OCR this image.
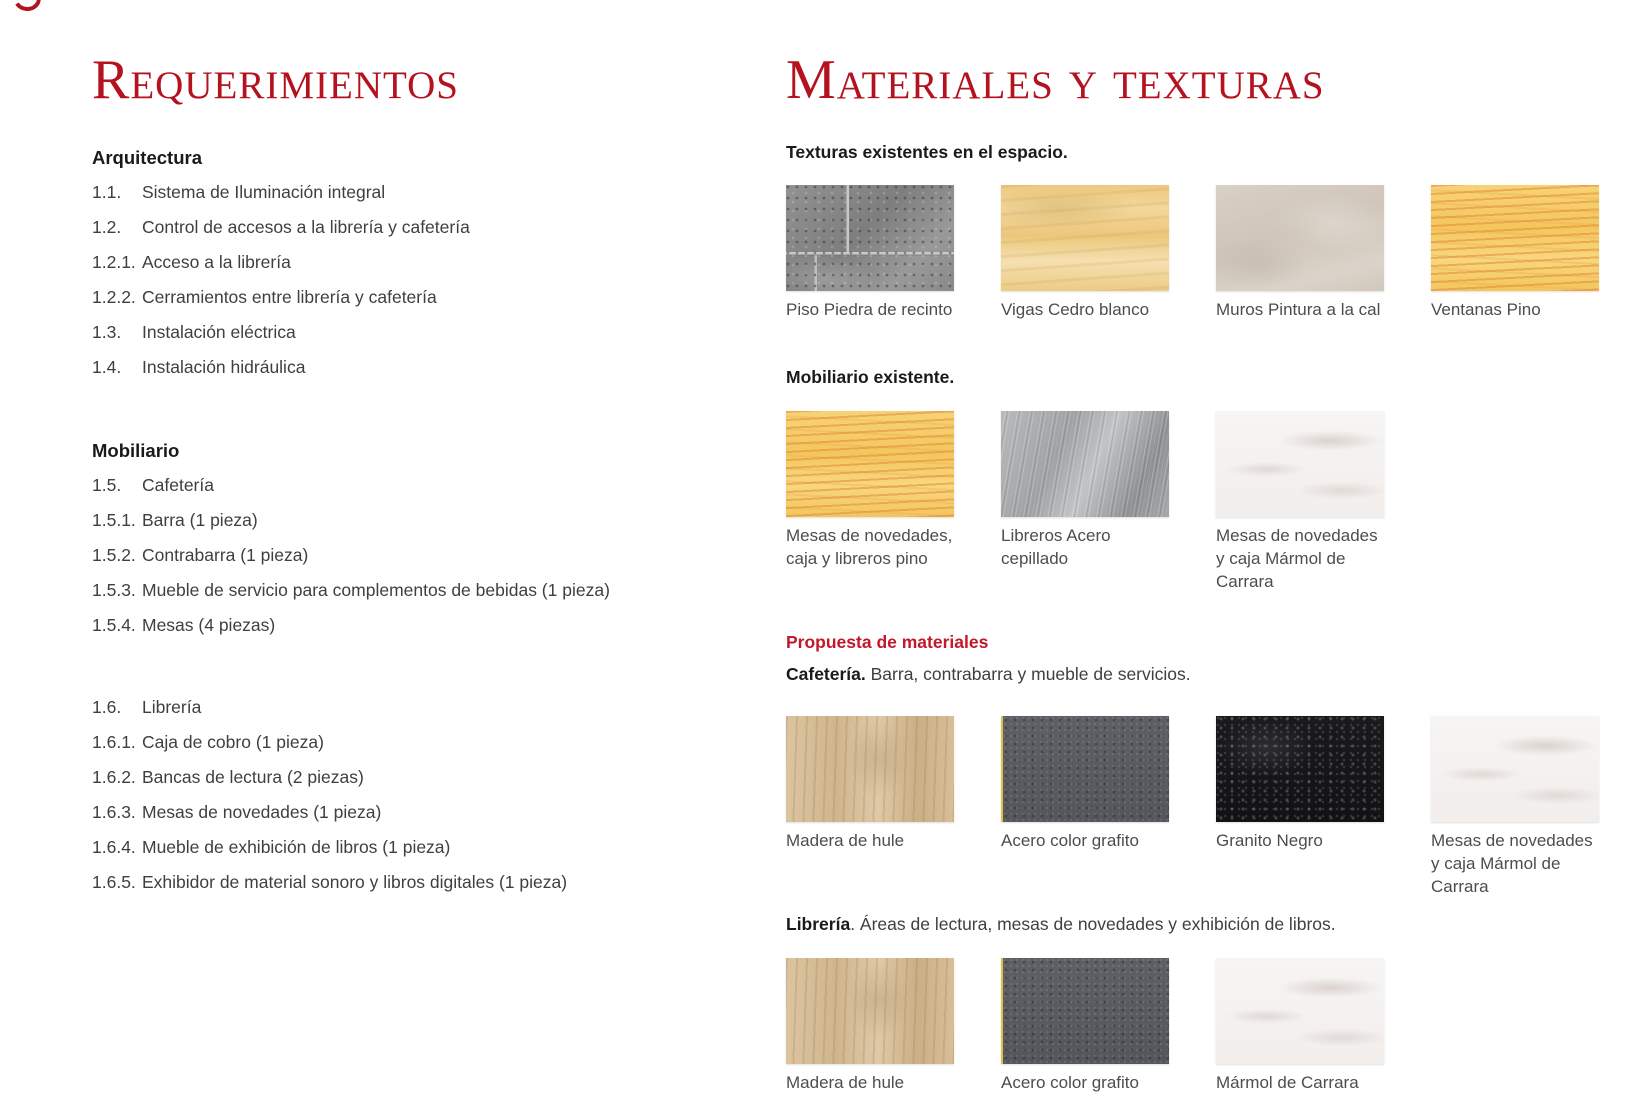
Requerimientos
Arquitectura
1.1.	Sistema de Iluminación integral
1.2.	Control de accesos a la librería y cafetería
1.2.1. Acceso a la librería
1.2.2. Cerramientos entre librería y cafetería
1.3.	Instalación eléctrica
1.4.	Instalación hidráulica
Mobiliario
1.5.	Cafetería
1.5.1. Barra (1 pieza)
1.5.2. Contrabarra (1 pieza)
1.5.3. Mueble de servicio para complementos de bebidas (1 pieza)
1.5.4. Mesas (4 piezas)
1.6.	Librería
1.6.1. Caja de cobro (1 pieza)
1.6.2. Bancas de lectura (2 piezas)
1.6.3. Mesas de novedades (1 pieza)
1.6.4. Mueble de exhibición de libros (1 pieza)
1.6.5. Exhibidor de material sonoro y libros digitales (1 pieza)
Materiales y texturas

Texturas existentes en el espacio.

Piso Piedra de recinto	Vigas Cedro blanco	Muros Pintura a la cal	Ventanas Pino

Mobiliario existente.

Mesas de novedades, caja y libreros pino
Libreros Acero cepillado
Mesas de novedades y caja Mármol de Carrara

Propuesta de materiales

Cafetería. Barra, contrabarra y mueble de servicios.

Madera de hule	Acero color grafito	Granito Negro	Mesas de novedades y caja Mármol de Carrara

Librería. Áreas de lectura, mesas de novedades y exhibición de libros.

Madera de hule	Acero color grafito	Mármol de Carrara
